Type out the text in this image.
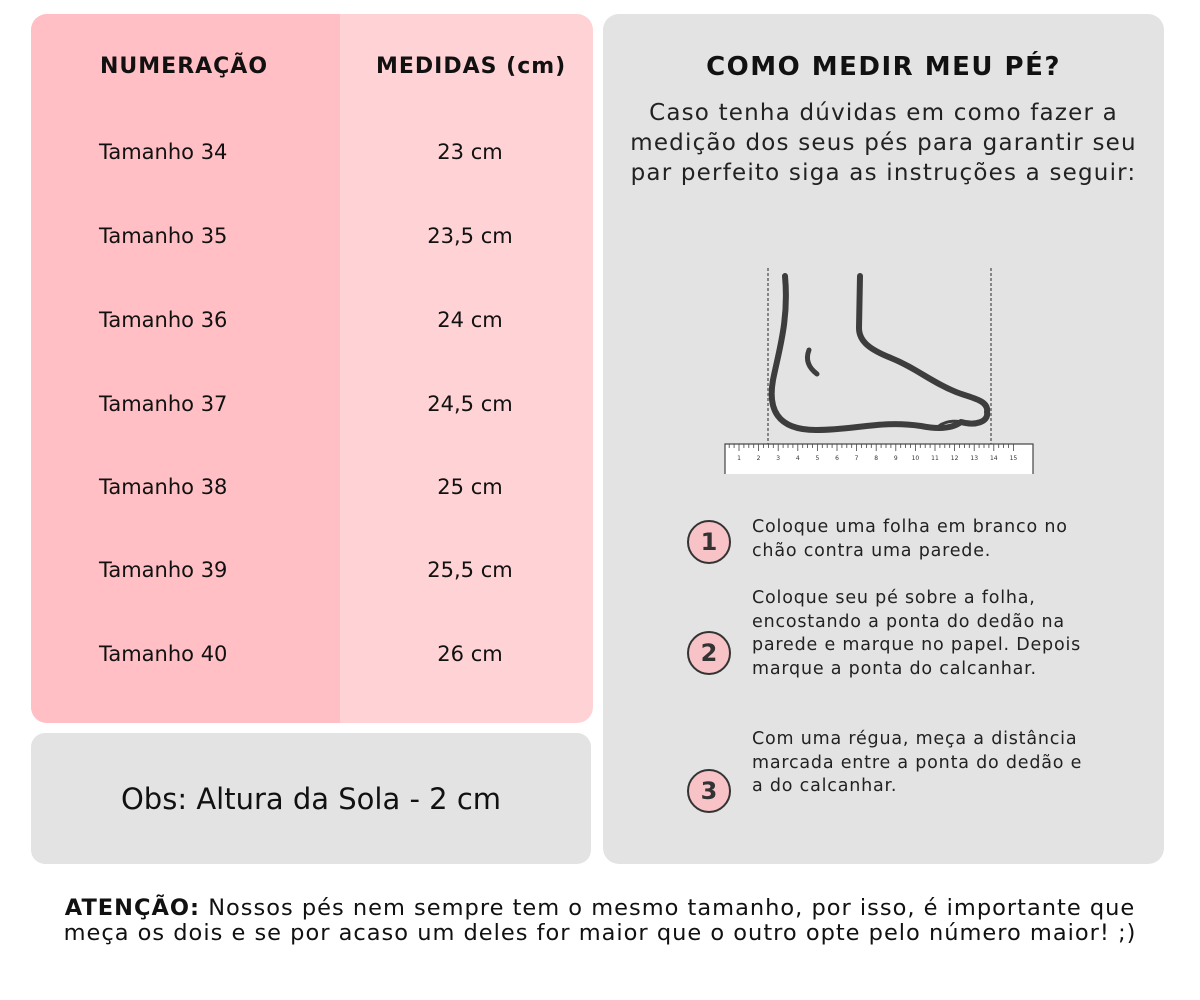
NUMERAÇÃO	MEDIDAS (cm)
Tamanho 34	23 cm
Tamanho 35	23,5 cm
Tamanho 36	24 cm
Tamanho 37	24,5 cm
Tamanho 38	25 cm
Tamanho 39	25,5 cm
Tamanho 40	26 cm
Obs: Altura da Sola - 2 cm
COMO MEDIR MEU PÉ?
Caso tenha dúvidas em como fazer a medição dos seus pés para garantir seu par perfeito siga as instruções a seguir:
1	2	3	4	5	6	7	8	9 10 11 12 13 14 15
1
Coloque uma folha em branco no chão contra uma parede.
2
Coloque seu pé sobre a folha, encostando a ponta do dedão na parede e marque no papel. Depois marque a ponta do calcanhar.
3
Com uma régua, meça a distância marcada entre a ponta do dedão e a do calcanhar.
ATENÇÃO: Nossos pés nem sempre tem o mesmo tamanho, por isso, é importante que meça os dois e se por acaso um deles for maior que o outro opte pelo número maior! ;)
